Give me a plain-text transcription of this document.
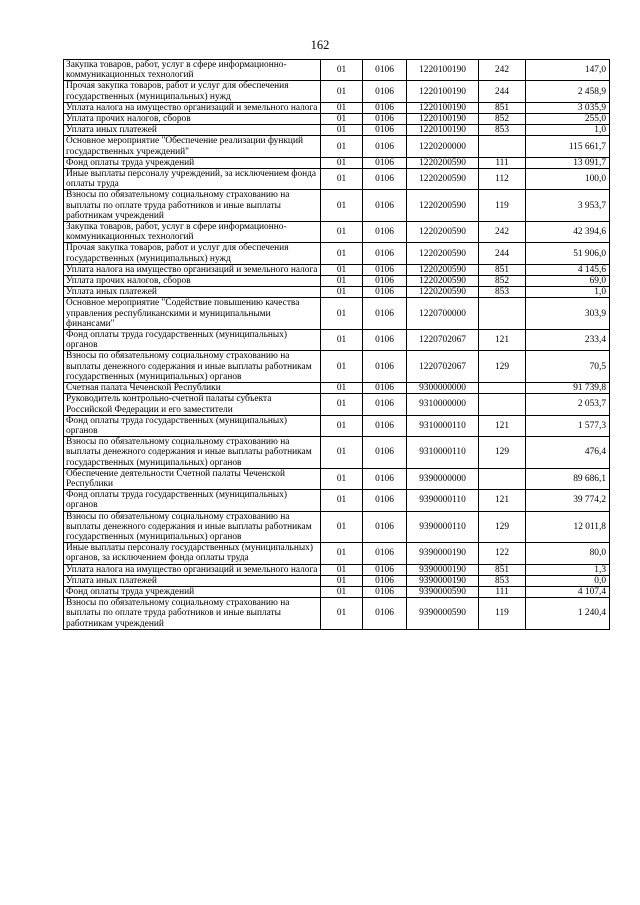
162
Закупка товаров, работ, услуг в сфере информационно-коммуникационных технологий	01	0106	1220100190	242	147,0
Прочая закупка товаров, работ и услуг для обеспечения государственных (муниципальных) нужд	01	0106	1220100190	244	2 458,9
Уплата налога на имущество организаций и земельного налога	01	0106	1220100190	851	3 035,9
Уплата прочих налогов, сборов	01	0106	1220100190	852	255,0
Уплата иных платежей	01	0106	1220100190	853	1,0
Основное мероприятие "Обеспечение реализации функций государственных учреждений"	01	0106	1220200000		115 661,7
Фонд оплаты труда учреждений	01	0106	1220200590	111	13 091,7
Иные выплаты персоналу учреждений, за исключением фонда оплаты труда	01	0106	1220200590	112	100,0
Взносы по обязательному социальному страхованию на выплаты по оплате труда работников и иные выплаты работникам учреждений	01	0106	1220200590	119	3 953,7
Закупка товаров, работ, услуг в сфере информационно-коммуникационных технологий	01	0106	1220200590	242	42 394,6
Прочая закупка товаров, работ и услуг для обеспечения государственных (муниципальных) нужд	01	0106	1220200590	244	51 906,0
Уплата налога на имущество организаций и земельного налога	01	0106	1220200590	851	4 145,6
Уплата прочих налогов, сборов	01	0106	1220200590	852	69,0
Уплата иных платежей	01	0106	1220200590	853	1,0
Основное мероприятие "Содействие повышению качества управления республиканскими и муниципальными финансами"	01	0106	1220700000		303,9
Фонд оплаты труда государственных (муниципальных) органов	01	0106	1220702067	121	233,4
Взносы по обязательному социальному страхованию на выплаты денежного содержания и иные выплаты работникам государственных (муниципальных) органов	01	0106	1220702067	129	70,5
Счетная палата Чеченской Республики	01	0106	9300000000		91 739,8
Руководитель контрольно-счетной палаты субъекта Российской Федерации и его заместители	01	0106	9310000000		2 053,7
Фонд оплаты труда государственных (муниципальных) органов	01	0106	9310000110	121	1 577,3
Взносы по обязательному социальному страхованию на выплаты денежного содержания и иные выплаты работникам государственных (муниципальных) органов	01	0106	9310000110	129	476,4
Обеспечение деятельности Счетной палаты Чеченской Республики	01	0106	9390000000		89 686,1
Фонд оплаты труда государственных (муниципальных) органов	01	0106	9390000110	121	39 774,2
Взносы по обязательному социальному страхованию на выплаты денежного содержания и иные выплаты работникам государственных (муниципальных) органов	01	0106	9390000110	129	12 011,8
Иные выплаты персоналу государственных (муниципальных) органов, за исключением фонда оплаты труда	01	0106	9390000190	122	80,0
Уплата налога на имущество организаций и земельного налога	01	0106	9390000190	851	1,3
Уплата иных платежей	01	0106	9390000190	853	0,0
Фонд оплаты труда учреждений	01	0106	9390000590	111	4 107,4
Взносы по обязательному социальному страхованию на выплаты по оплате труда работников и иные выплаты работникам учреждений	01	0106	9390000590	119	1 240,4
